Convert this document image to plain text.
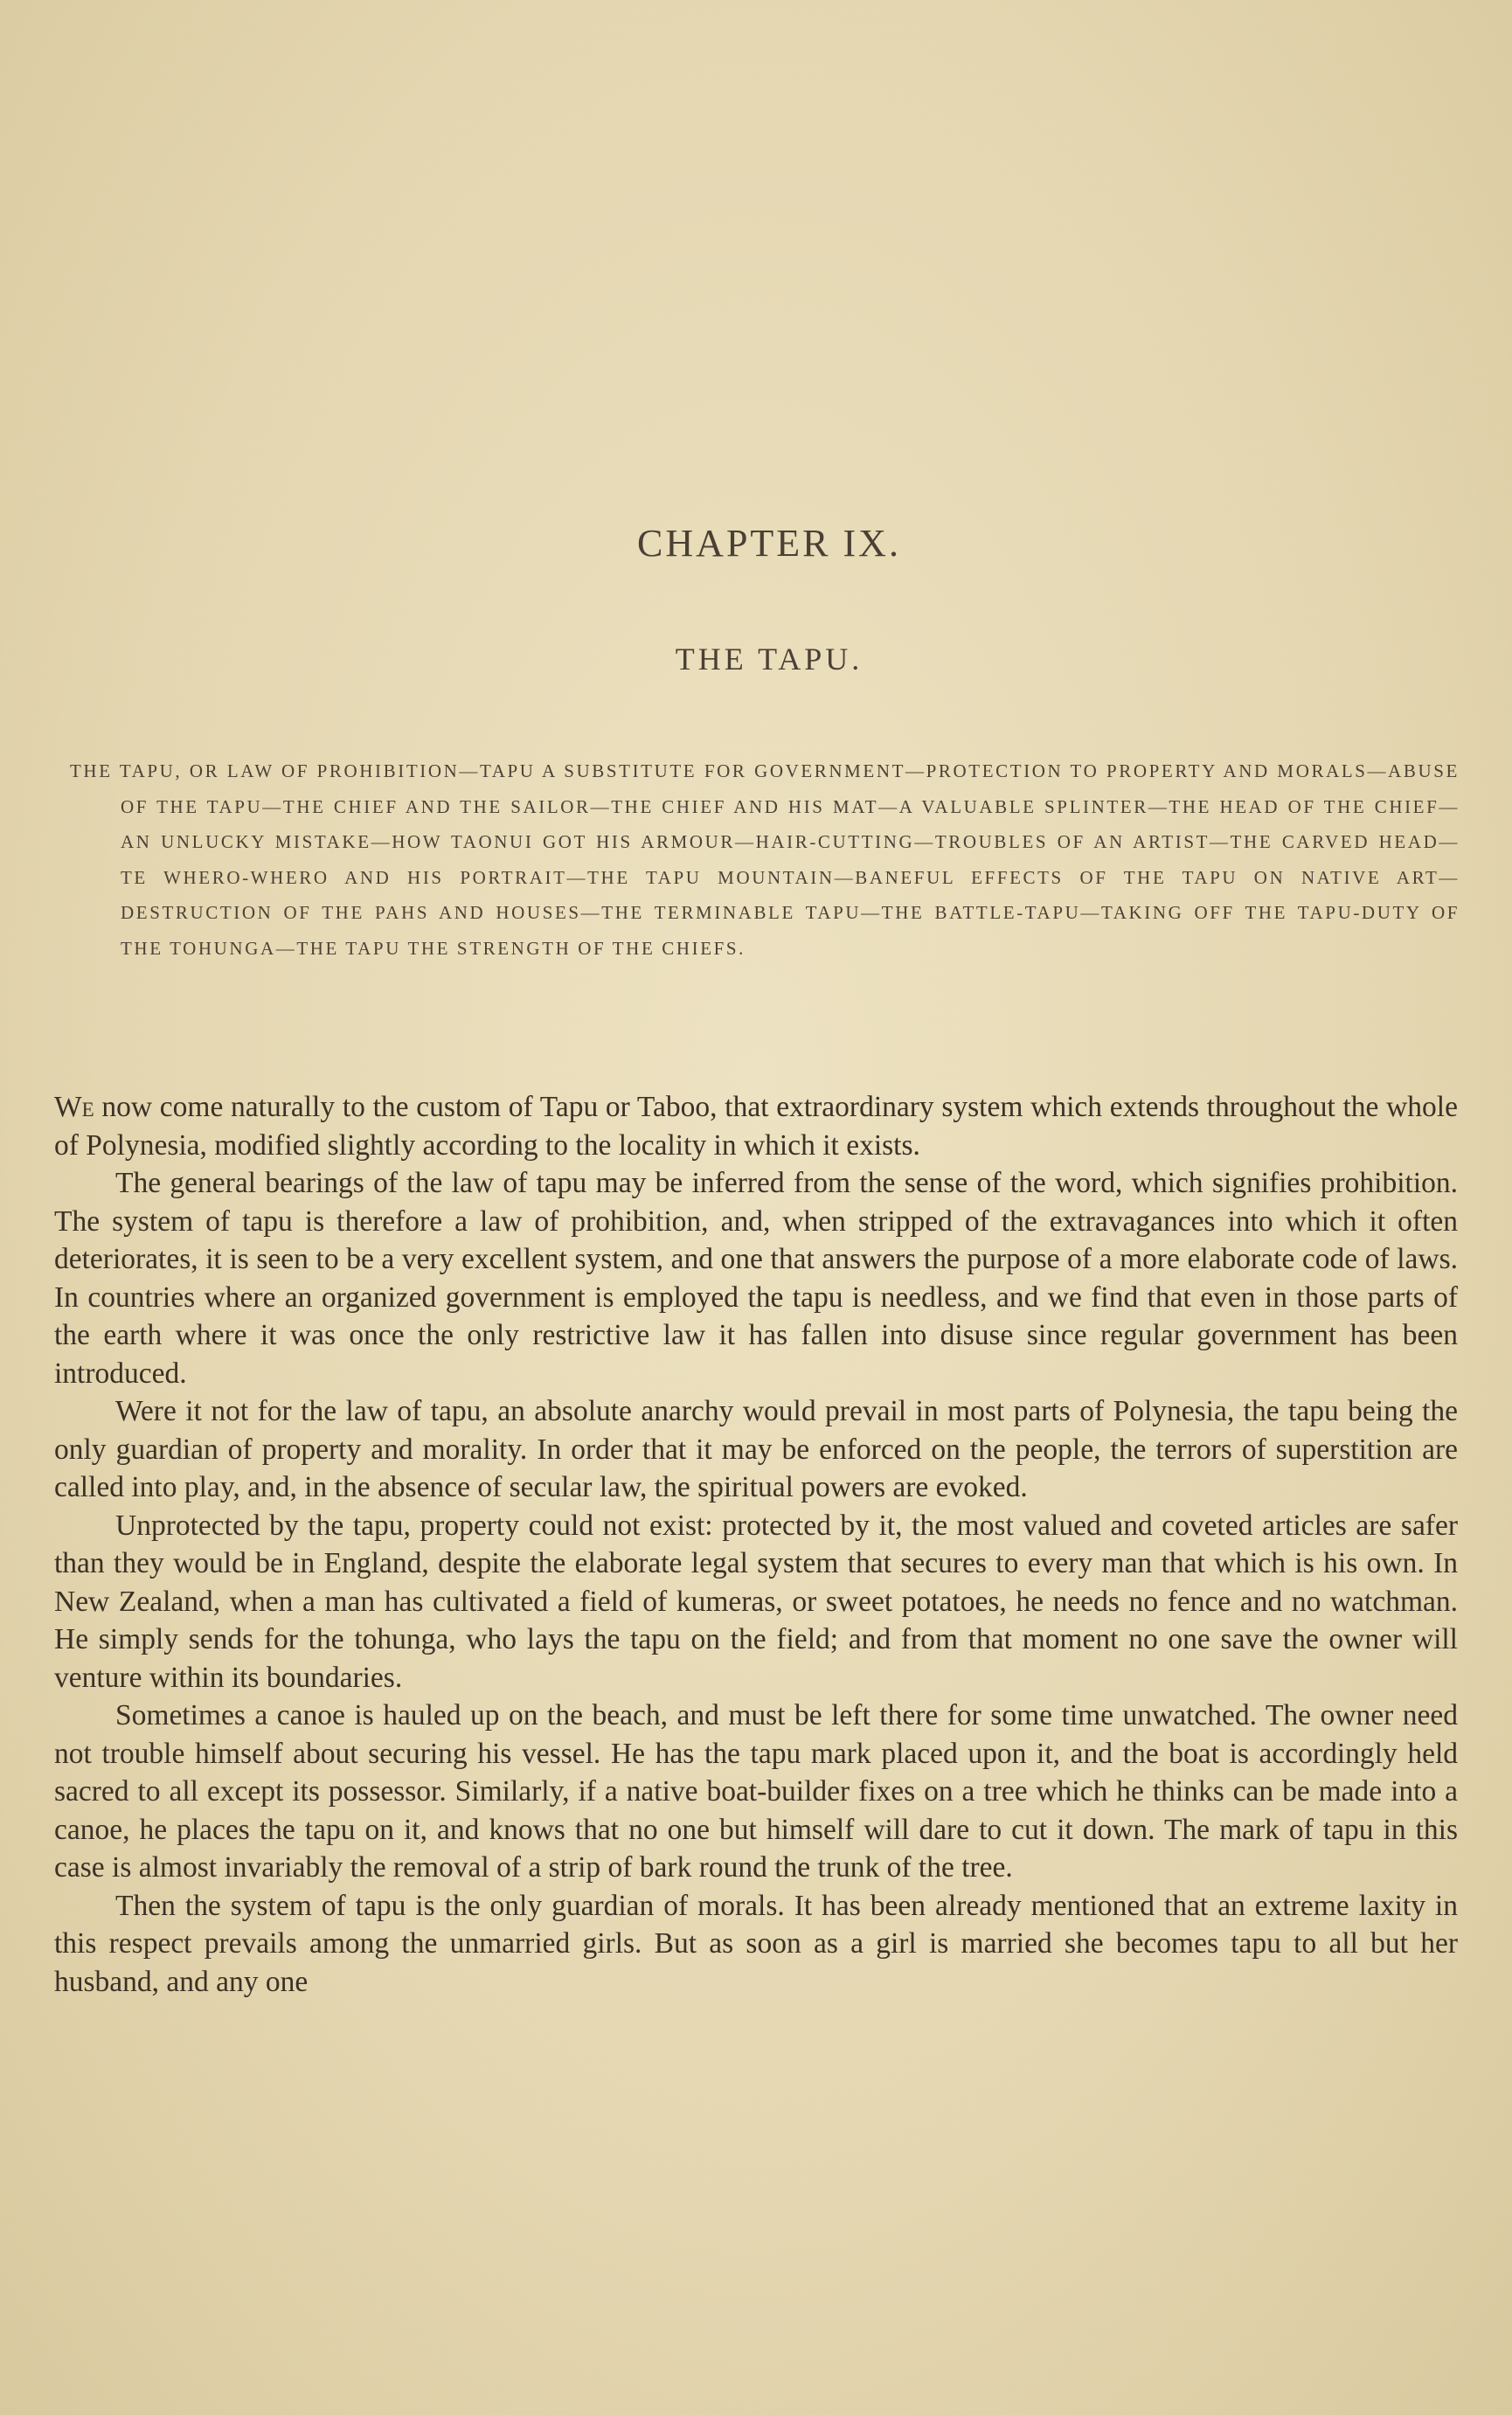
CHAPTER IX.
THE TAPU.

THE TAPU, OR LAW OF PROHIBITION—TAPU A SUBSTITUTE FOR GOVERNMENT—PROTECTION TO PROPERTY AND MORALS—ABUSE OF THE TAPU—THE CHIEF AND THE SAILOR—THE CHIEF AND HIS MAT—A VALUABLE SPLINTER—THE HEAD OF THE CHIEF—AN UNLUCKY MISTAKE—HOW TAONUI GOT HIS ARMOUR—HAIR-CUTTING—TROUBLES OF AN ARTIST—THE CARVED HEAD—TE WHERO-WHERO AND HIS PORTRAIT—THE TAPU MOUNTAIN—BANEFUL EFFECTS OF THE TAPU ON NATIVE ART—DESTRUCTION OF THE PAHS AND HOUSES—THE TERMINABLE TAPU—THE BATTLE-TAPU—TAKING OFF THE TAPU-DUTY OF THE TOHUNGA—THE TAPU THE STRENGTH OF THE CHIEFS.

We now come naturally to the custom of Tapu or Taboo, that extraordinary system which extends throughout the whole of Polynesia, modified slightly according to the locality in which it exists.

The general bearings of the law of tapu may be inferred from the sense of the word, which signifies prohibition. The system of tapu is therefore a law of prohibition, and, when stripped of the extravagances into which it often deteriorates, it is seen to be a very excellent system, and one that answers the purpose of a more elaborate code of laws. In countries where an organized government is employed the tapu is needless, and we find that even in those parts of the earth where it was once the only restrictive law it has fallen into disuse since regular government has been introduced.

Were it not for the law of tapu, an absolute anarchy would prevail in most parts of Polynesia, the tapu being the only guardian of property and morality. In order that it may be enforced on the people, the terrors of superstition are called into play, and, in the absence of secular law, the spiritual powers are evoked.

Unprotected by the tapu, property could not exist: protected by it, the most valued and coveted articles are safer than they would be in England, despite the elaborate legal system that secures to every man that which is his own. In New Zealand, when a man has cultivated a field of kumeras, or sweet potatoes, he needs no fence and no watchman. He simply sends for the tohunga, who lays the tapu on the field; and from that moment no one save the owner will venture within its boundaries.

Sometimes a canoe is hauled up on the beach, and must be left there for some time unwatched. The owner need not trouble himself about securing his vessel. He has the tapu mark placed upon it, and the boat is accordingly held sacred to all except its possessor. Similarly, if a native boat-builder fixes on a tree which he thinks can be made into a canoe, he places the tapu on it, and knows that no one but himself will dare to cut it down. The mark of tapu in this case is almost invariably the removal of a strip of bark round the trunk of the tree.

Then the system of tapu is the only guardian of morals. It has been already mentioned that an extreme laxity in this respect prevails among the unmarried girls. But as soon as a girl is married she becomes tapu to all but her husband, and any one
